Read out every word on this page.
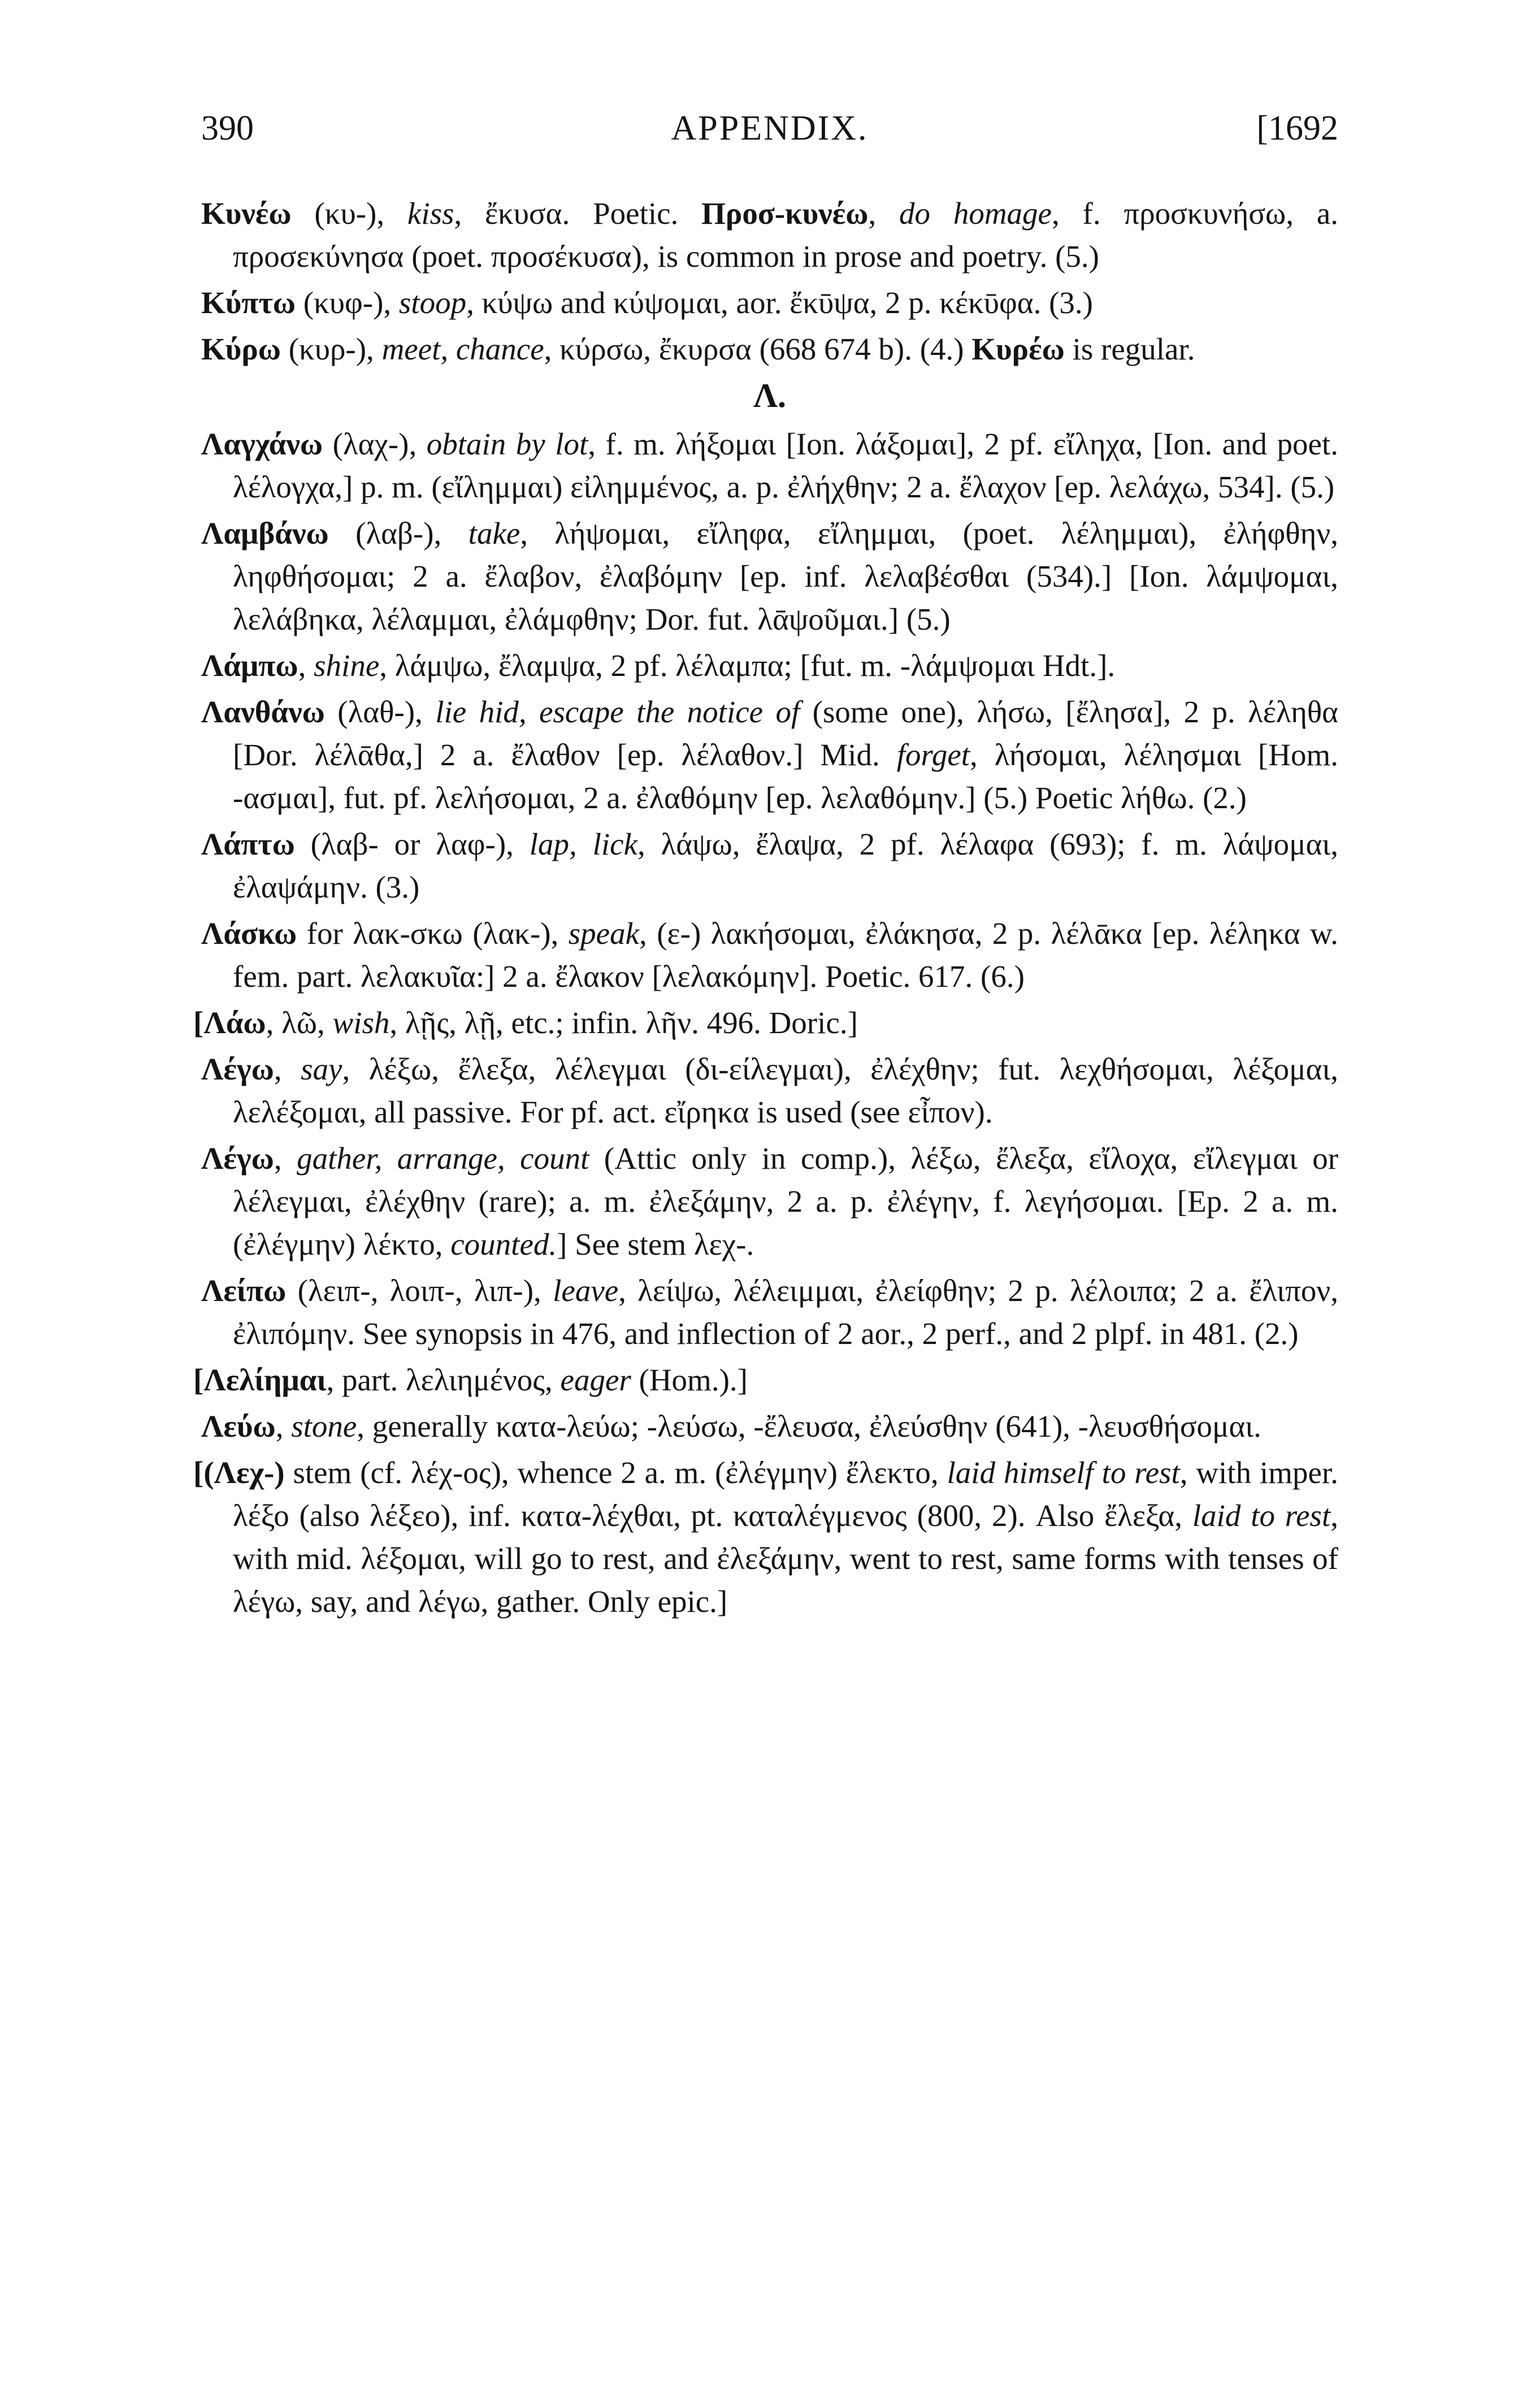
390	APPENDIX.	[1692

Κυνέω (κυ-), kiss, ἔκυσα. Poetic. Προσ-κυνέω, do homage, f. προσκυνήσω, a. προσεκύνησα (poet. προσέκυσα), is common in prose and poetry. (5.)

Κύπτω (κυφ-), stoop, κύψω and κύψομαι, aor. ἔκῡψα, 2 p. κέκῡφα. (3.)

Κύρω (κυρ-), meet, chance, κύρσω, ἔκυρσα (668 674 b). (4.) Κυρέω is regular.

Λ.

Λαγχάνω (λαχ-), obtain by lot, f. m. λήξομαι [Ion. λάξομαι], 2 pf. εἴληχα, [Ion. and poet. λέλογχα,] p. m. (εἴλημμαι) εἰλημμένος, a. p. ἐλήχθην; 2 a. ἔλαχον [ep. λελάχω, 534]. (5.)

Λαμβάνω (λαβ-), take, λήψομαι, εἴληφα, εἴλημμαι, (poet. λέλημμαι), ἐλήφθην, ληφθήσομαι; 2 a. ἔλαβον, ἐλαβόμην [ep. inf. λελαβέσθαι (534).] [Ion. λάμψομαι, λελάβηκα, λέλαμμαι, ἐλάμφθην; Dor. fut. λᾱψοῦμαι.] (5.)

Λάμπω, shine, λάμψω, ἔλαμψα, 2 pf. λέλαμπα; [fut. m. -λάμψομαι Hdt.].

Λανθάνω (λαθ-), lie hid, escape the notice of (some one), λήσω, [ἔλησα], 2 p. λέληθα [Dor. λέλᾱθα,] 2 a. ἔλαθον [ep. λέλαθον.] Mid. forget, λήσομαι, λέλησμαι [Hom. -ασμαι], fut. pf. λελήσομαι, 2 a. ἐλαθόμην [ep. λελαθόμην.] (5.) Poetic λήθω. (2.)

Λάπτω (λαβ- or λαφ-), lap, lick, λάψω, ἔλαψα, 2 pf. λέλαφα (693); f. m. λάψομαι, ἐλαψάμην. (3.)

Λάσκω for λακ-σκω (λακ-), speak, (ε-) λακήσομαι, ἐλάκησα, 2 p. λέλᾱκα [ep. λέληκα w. fem. part. λελακυῖα:] 2 a. ἔλακον [λελακόμην]. Poetic. 617. (6.)

[Λάω, λῶ, wish, λῇς, λῇ, etc.; infin. λῆν. 496. Doric.]

Λέγω, say, λέξω, ἔλεξα, λέλεγμαι (δι-είλεγμαι), ἐλέχθην; fut. λεχθήσομαι, λέξομαι, λελέξομαι, all passive. For pf. act. εἴρηκα is used (see εἶπον).

Λέγω, gather, arrange, count (Attic only in comp.), λέξω, ἔλεξα, εἴλοχα, εἴλεγμαι or λέλεγμαι, ἐλέχθην (rare); a. m. ἐλεξάμην, 2 a. p. ἐλέγην, f. λεγήσομαι. [Ep. 2 a. m. (ἐλέγμην) λέκτο, counted.] See stem λεχ-.

Λείπω (λειπ-, λοιπ-, λιπ-), leave, λείψω, λέλειμμαι, ἐλείφθην; 2 p. λέλοιπα; 2 a. ἔλιπον, ἐλιπόμην. See synopsis in 476, and inflection of 2 aor., 2 perf., and 2 plpf. in 481. (2.)

[Λελίημαι, part. λελιημένος, eager (Hom.).]

Λεύω, stone, generally κατα-λεύω; -λεύσω, -ἔλευσα, ἐλεύσθην (641), -λευσθήσομαι.

[(Λεχ-) stem (cf. λέχ-ος), whence 2 a. m. (ἐλέγμην) ἔλεκτο, laid himself to rest, with imper. λέξο (also λέξεο), inf. κατα-λέχθαι, pt. καταλέγμενος (800, 2). Also ἔλεξα, laid to rest, with mid. λέξομαι, will go to rest, and ἐλεξάμην, went to rest, same forms with tenses of λέγω, say, and λέγω, gather. Only epic.]
